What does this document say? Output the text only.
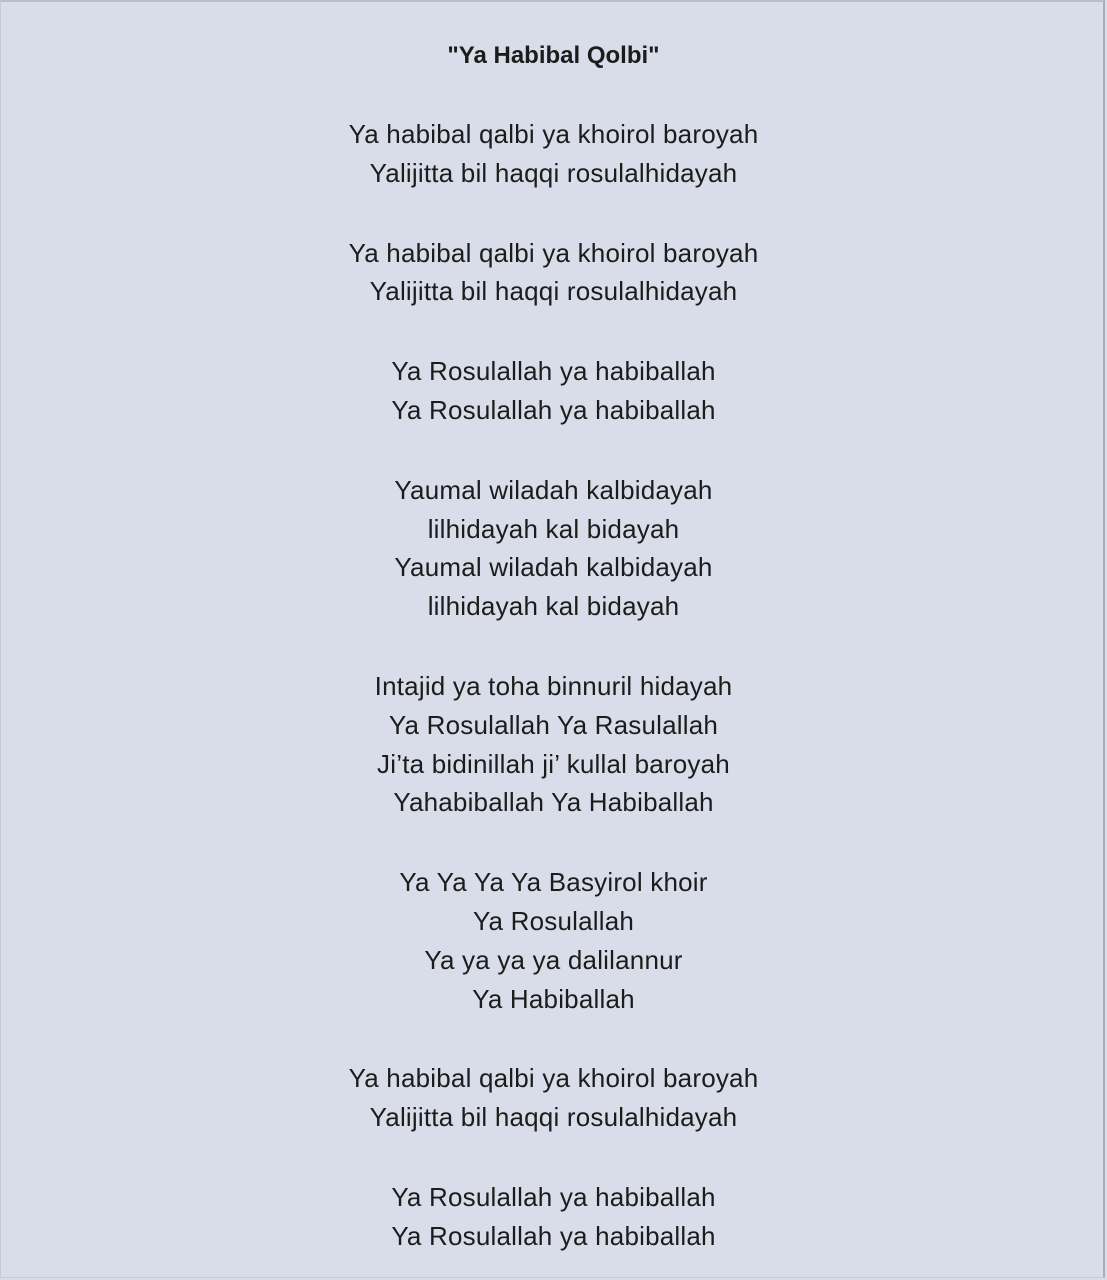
"Ya Habibal Qolbi"
Ya habibal qalbi ya khoirol baroyah
Yalijitta bil haqqi rosulalhidayah
Ya habibal qalbi ya khoirol baroyah
Yalijitta bil haqqi rosulalhidayah
Ya Rosulallah ya habiballah
Ya Rosulallah ya habiballah
Yaumal wiladah kalbidayah
lilhidayah kal bidayah
Yaumal wiladah kalbidayah
lilhidayah kal bidayah
Intajid ya toha binnuril hidayah
Ya Rosulallah Ya Rasulallah
Ji’ta bidinillah ji’ kullal baroyah
Yahabiballah Ya Habiballah
Ya Ya Ya Ya Basyirol khoir
Ya Rosulallah
Ya ya ya ya dalilannur
Ya Habiballah
Ya habibal qalbi ya khoirol baroyah
Yalijitta bil haqqi rosulalhidayah
Ya Rosulallah ya habiballah
Ya Rosulallah ya habiballah
